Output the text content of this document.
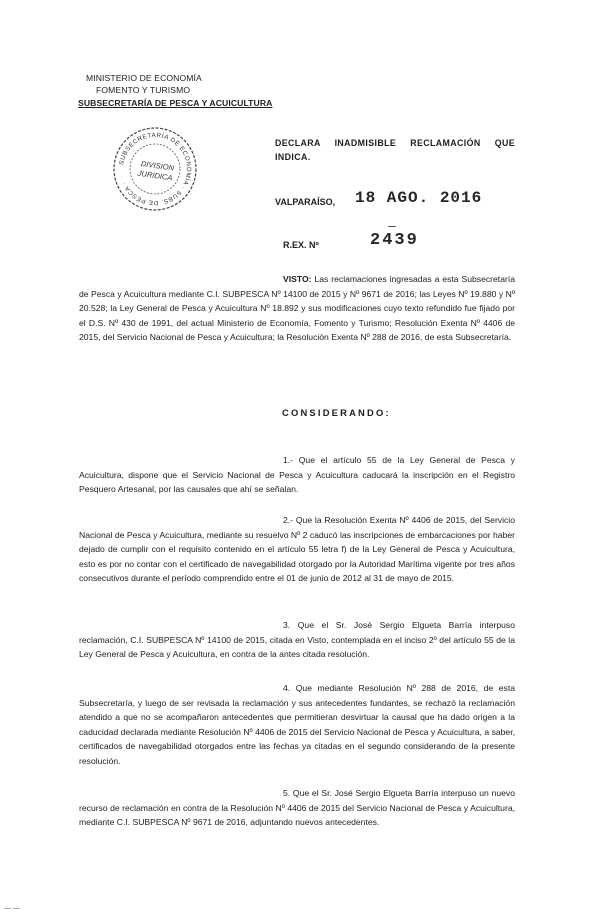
MINISTERIO DE ECONOMÍA
FOMENTO Y TURISMO
SUBSECRETARÍA DE PESCA Y ACUICULTURA
SUBSECRETARÍA DE ECONOMÍA · SUBS. DE PESCA ·
DIVISION
JURIDICA
DECLARA INADMISIBLE RECLAMACIÓN QUE
INDICA.
VALPARAÍSO, 18 AGO. 2016
R.EX. Nº	2439
VISTO: Las reclamaciones ingresadas a esta Subsecretaría de Pesca y Acuicultura mediante C.I. SUBPESCA Nº 14100 de 2015 y Nº 9671 de 2016; las Leyes Nº 19.880 y Nº 20.528; la Ley General de Pesca y Acuicultura Nº 18.892 y sus modificaciones cuyo texto refundido fue fijado por el D.S. Nº 430 de 1991, del actual Ministerio de Economía, Fomento y Turismo; Resolución Exenta Nº 4406 de 2015, del Servicio Nacional de Pesca y Acuicultura; la Resolución Exenta Nº 288 de 2016, de esta Subsecretaría.
CONSIDERANDO:
1.- Que el artículo 55 de la Ley General de Pesca y Acuicultura, dispone que el Servicio Nacional de Pesca y Acuicultura caducará la inscripción en el Registro Pesquero Artesanal, por las causales que ahí se señalan.
2.- Que la Resolución Exenta Nº 4406 de 2015, del Servicio Nacional de Pesca y Acuicultura, mediante su resuelvo Nº 2 caducó las inscripciones de embarcaciones por haber dejado de cumplir con el requisito contenido en el artículo 55 letra f) de la Ley General de Pesca y Acuicultura, esto es por no contar con el certificado de navegabilidad otorgado por la Autoridad Marítima vigente por tres años consecutivos durante el período comprendido entre el 01 de junio de 2012 al 31 de mayo de 2015.
3. Que el Sr. José Sergio Elgueta Barría interpuso reclamación, C.I. SUBPESCA Nº 14100 de 2015, citada en Visto, contemplada en el inciso 2º del artículo 55 de la Ley General de Pesca y Acuicultura, en contra de la antes citada resolución.
4. Que mediante Resolución Nº 288 de 2016, de esta Subsecretaría, y luego de ser revisada la reclamación y sus antecedentes fundantes, se rechazó la reclamación atendido a que no se acompañaron antecedentes que permitieran desvirtuar la causal que ha dado origen a la caducidad declarada mediante Resolución Nº 4406 de 2015 del Servicio Nacional de Pesca y Acuicultura, a saber, certificados de navegabilidad otorgados entre las fechas ya citadas en el segundo considerando de la presente resolución.
5. Que el Sr. José Sergio Elgueta Barría interpuso un nuevo recurso de reclamación en contra de la Resolución Nº 4406 de 2015 del Servicio Nacional de Pesca y Acuicultura, mediante C.I. SUBPESCA Nº 9671 de 2016, adjuntando nuevos antecedentes.
— —
